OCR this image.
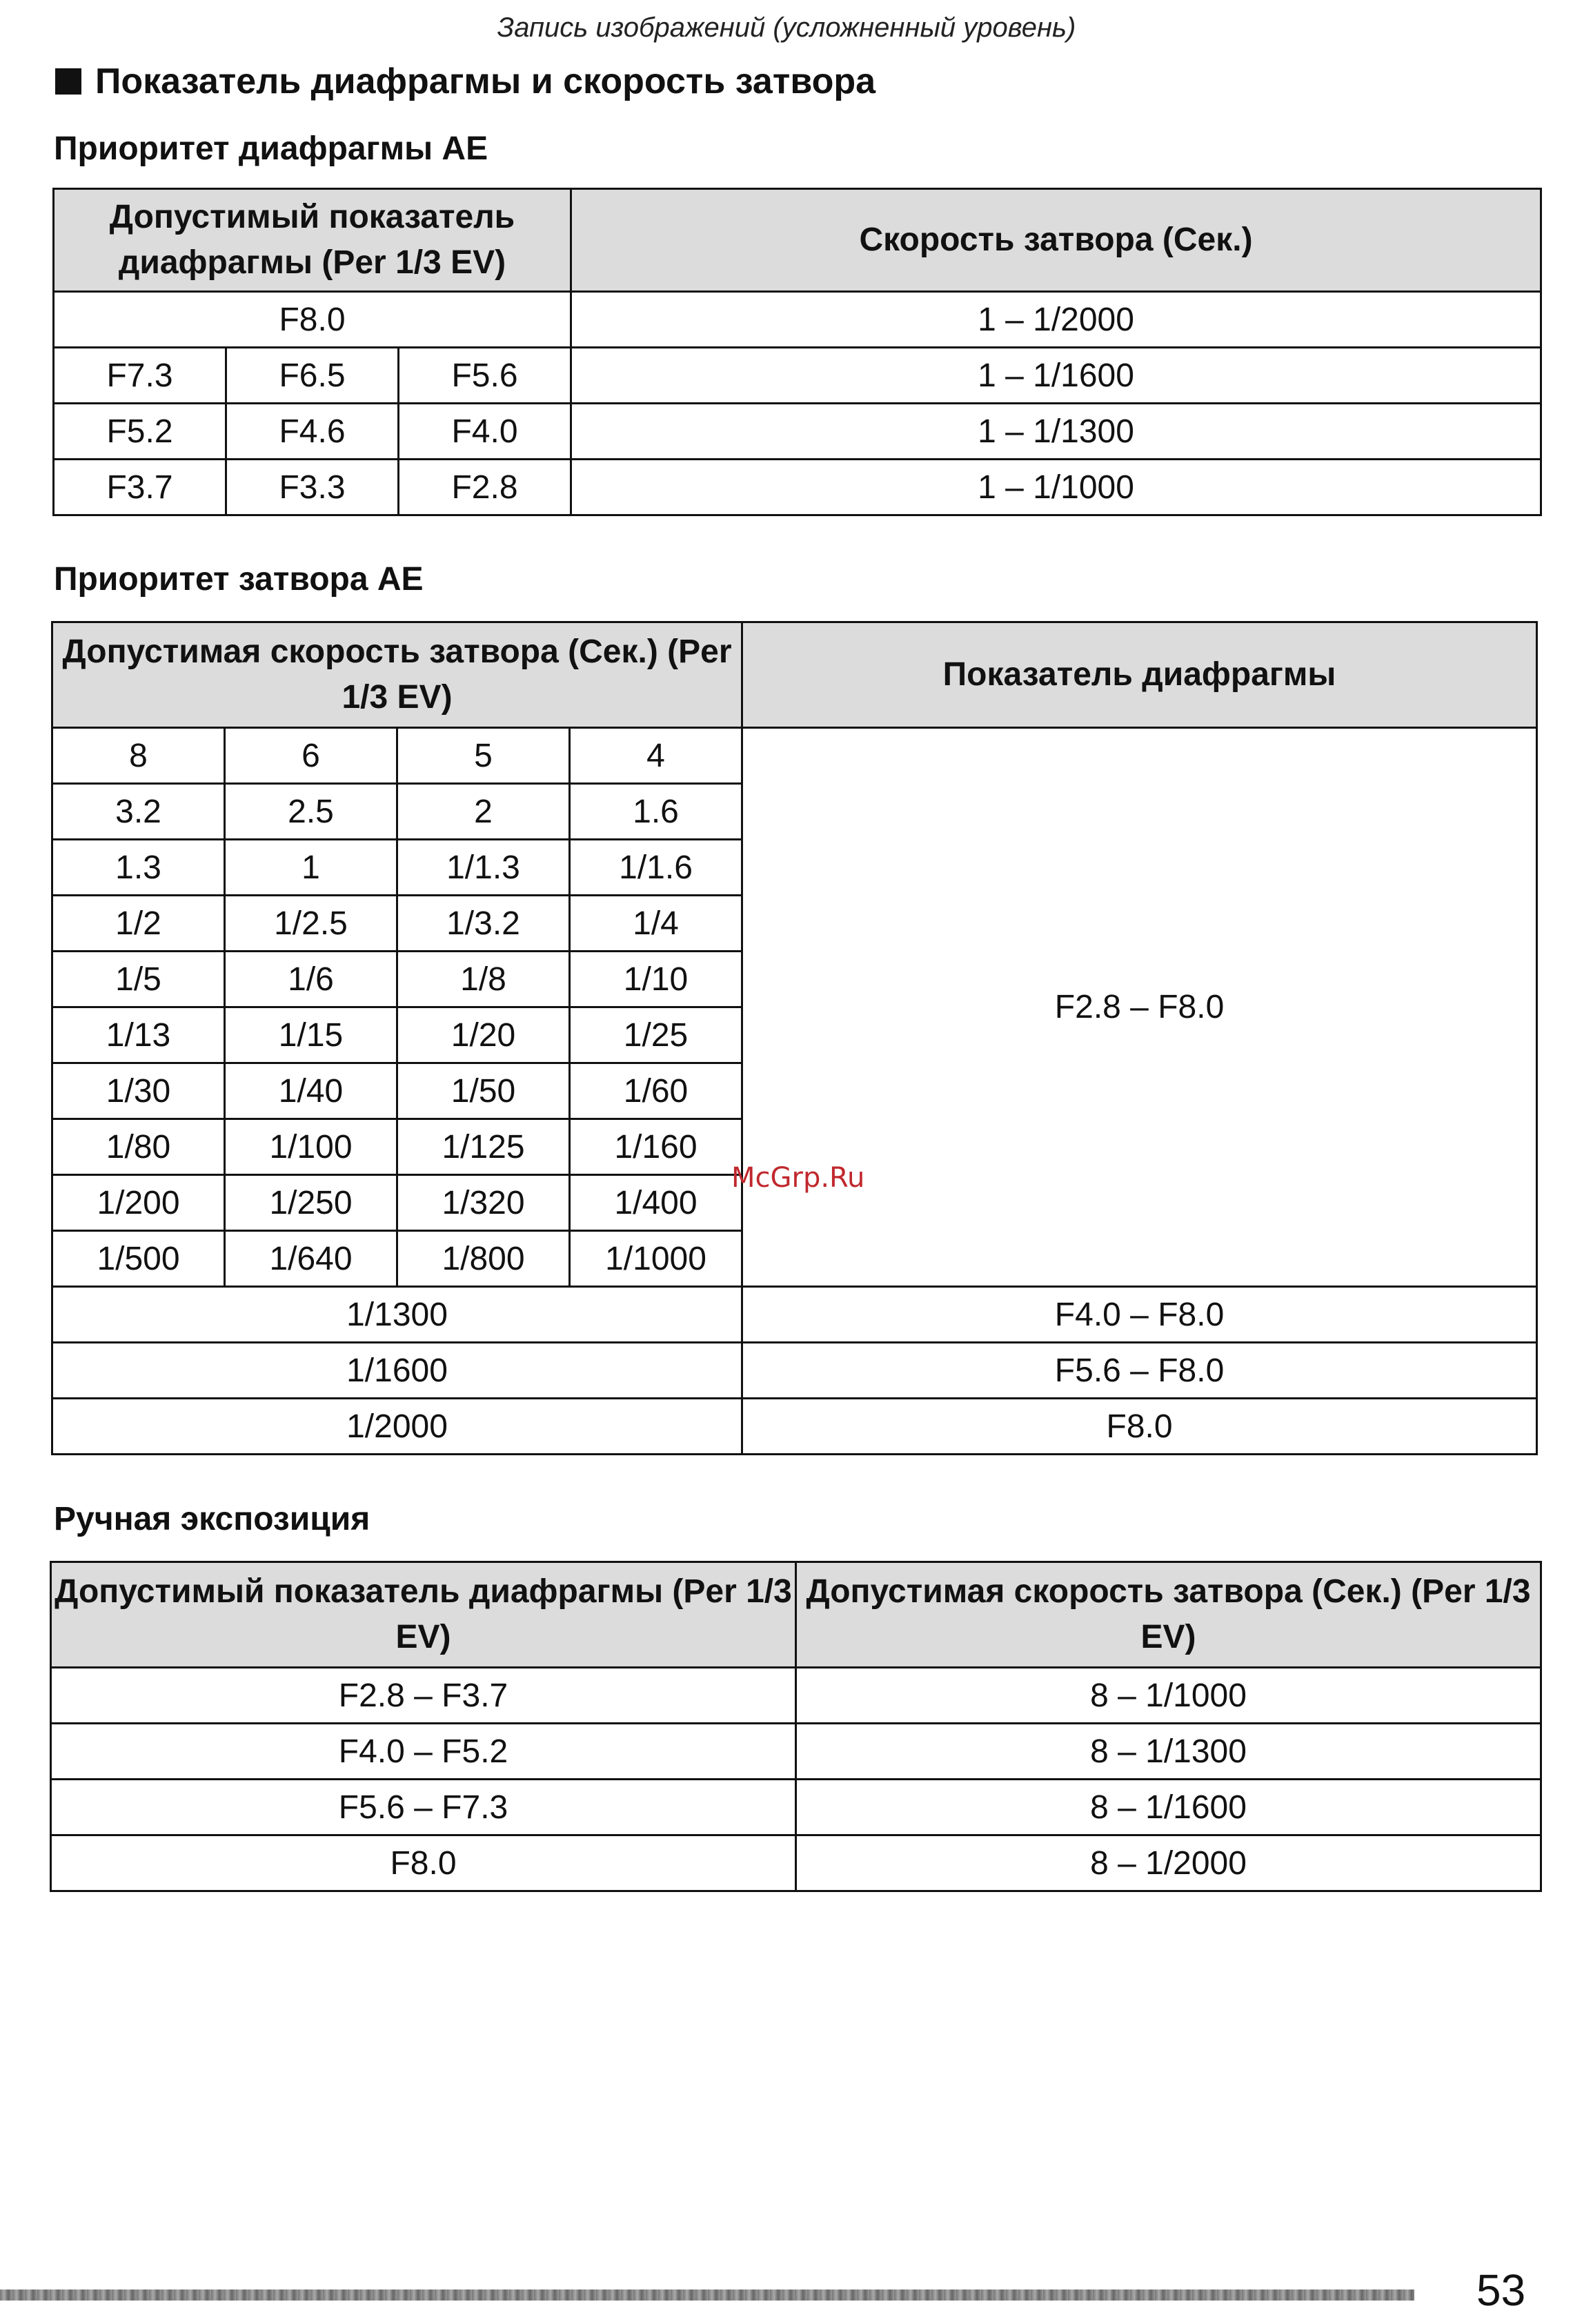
Запись изображений (усложненный уровень)
Показатель диафрагмы и скорость затвора
Приоритет диафрагмы AE
Допустимый показатель диафрагмы (Per 1/3 EV)			Скорость затвора (Сек.)
F8.0			1 – 1/2000
F7.3	F6.5	F5.6	1 – 1/1600
F5.2	F4.6	F4.0	1 – 1/1300
F3.7	F3.3	F2.8	1 – 1/1000
Приоритет затвора AE
Допустимая скорость затвора (Сек.) (Per 1/3 EV)				Показатель диафрагмы
8	6	5	4	F2.8 – F8.0
3.2	2.5	2	1.6	
1.3	1	1/1.3	1/1.6	
1/2	1/2.5	1/3.2	1/4	
1/5	1/6	1/8	1/10	
1/13	1/15	1/20	1/25	
1/30	1/40	1/50	1/60	
1/80	1/100	1/125	1/160	
1/200	1/250	1/320	1/400	
1/500	1/640	1/800	1/1000	
1/1300				F4.0 – F8.0
1/1600				F5.6 – F8.0
1/2000				F8.0
Ручная экспозиция
Допустимый показатель диафрагмы (Per 1/3 EV)	Допустимая скорость затвора (Сек.) (Per 1/3 EV)
F2.8 – F3.7	8 – 1/1000
F4.0 – F5.2	8 – 1/1300
F5.6 – F7.3	8 – 1/1600
F8.0	8 – 1/2000
McGrp.Ru
53
